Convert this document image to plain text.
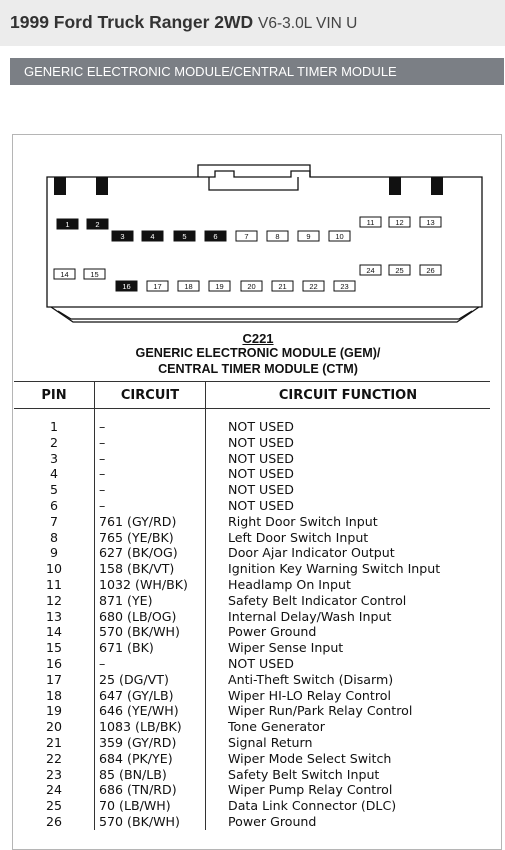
1999 Ford Truck Ranger 2WD V6-3.0L VIN U
GENERIC ELECTRONIC MODULE/CENTRAL TIMER MODULE
1	2
3	4	5	6	7	8	9	10
11	12	13
14	15
16	17	18	19	20	21	22	23
24	25	26
C221
GENERIC ELECTRONIC MODULE (GEM)/
CENTRAL TIMER MODULE (CTM)
PIN	CIRCUIT	CIRCUIT FUNCTION

1	–	NOT USED
2	–	NOT USED
3	–	NOT USED
4	–	NOT USED
5	–	NOT USED
6	–	NOT USED
7	761 (GY/RD)	Right Door Switch Input
8	765 (YE/BK)	Left Door Switch Input
9	627 (BK/OG)	Door Ajar Indicator Output
10	158 (BK/VT)	Ignition Key Warning Switch Input
11	1032 (WH/BK)	Headlamp On Input
12	871 (YE)	Safety Belt Indicator Control
13	680 (LB/OG)	Internal Delay/Wash Input
14	570 (BK/WH)	Power Ground
15	671 (BK)	Wiper Sense Input
16	–	NOT USED
17	25 (DG/VT)	Anti-Theft Switch (Disarm)
18	647 (GY/LB)	Wiper HI-LO Relay Control
19	646 (YE/WH)	Wiper Run/Park Relay Control
20	1083 (LB/BK)	Tone Generator
21	359 (GY/RD)	Signal Return
22	684 (PK/YE)	Wiper Mode Select Switch
23	85 (BN/LB)	Safety Belt Switch Input
24	686 (TN/RD)	Wiper Pump Relay Control
25	70 (LB/WH)	Data Link Connector (DLC)
26	570 (BK/WH)	Power Ground
